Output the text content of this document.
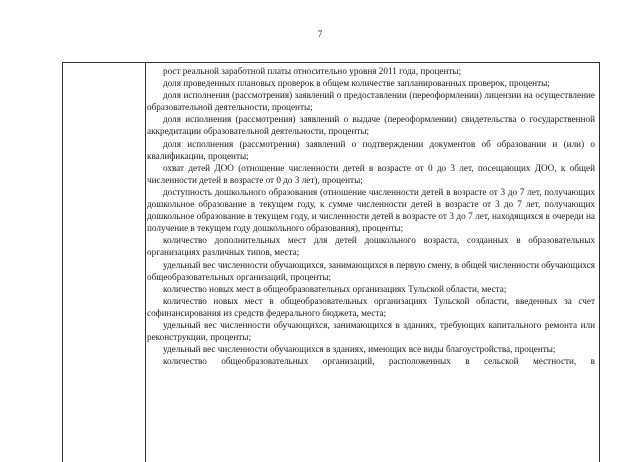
7

рост реальной заработной платы относительно уровня 2011 года, проценты;

доля проведенных плановых проверок в общем количестве запланированных проверок, проценты;

доля исполнения (рассмотрения) заявлений о предоставлении (переоформлении) лицензии на осуществление образовательной деятельности, проценты;

доля исполнения (рассмотрения) заявлений о выдаче (переоформлении) свидетельства о государственной аккредитации образовательной деятельности, проценты;

доля исполнения (рассмотрения) заявлений о подтверждении документов об образовании и (или) о квалификации, проценты;

охват детей ДОО (отношение численности детей в возрасте от 0 до 3 лет, посещающих ДОО, к общей численности детей в возрасте от 0 до 3 лет), проценты;

доступность дошкольного образования (отношение численности детей в возрасте от 3 до 7 лет, получающих дошкольное образование в текущем году, к сумме численности детей в возрасте от 3 до 7 лет, получающих дошкольное образование в текущем году, и численности детей в возрасте от 3 до 7 лет, находящихся в очереди на получение в текущем году дошкольного образования), проценты;

количество дополнительных мест для детей дошкольного возраста, созданных в образовательных организациях различных типов, места;

удельный вес численности обучающихся, занимающихся в первую смену, в общей численности обучающихся общеобразовательных организаций, проценты;

количество новых мест в общеобразовательных организациях Тульской области, места;

количество новых мест в общеобразовательных организациях Тульской области, введенных за счет софинансирования из средств федерального бюджета, места;

удельный вес численности обучающихся, занимающихся в зданиях, требующих капитального ремонта или реконструкции, проценты;

удельный вес численности обучающихся в зданиях, имеющих все виды благоустройства, проценты;

количество общеобразовательных организаций, расположенных в сельской местности, в
